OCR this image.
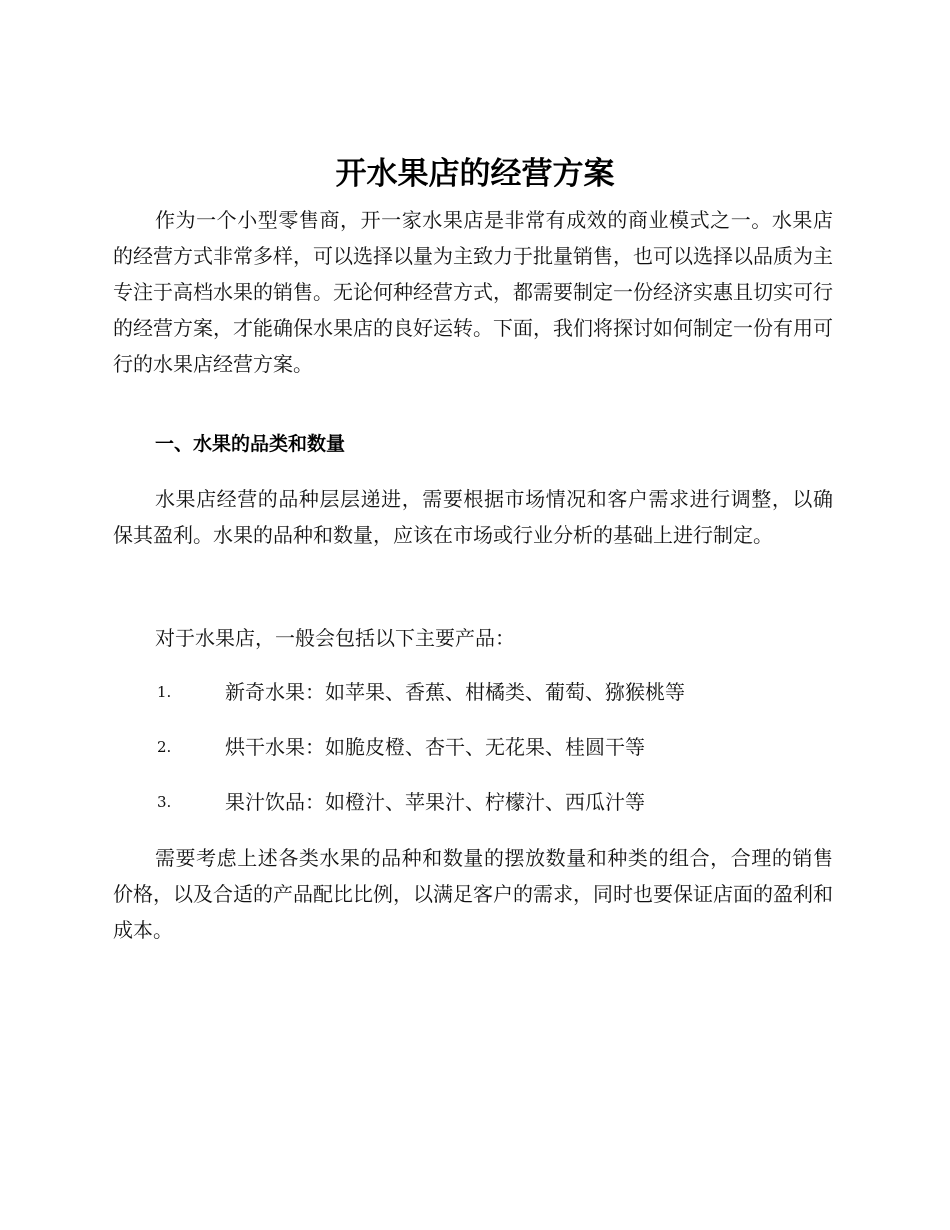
开水果店的经营方案

作为一个小型零售商，开一家水果店是非常有成效的商业模式之一。水果店的经营方式非常多样，可以选择以量为主致力于批量销售，也可以选择以品质为主专注于高档水果的销售。无论何种经营方式，都需要制定一份经济实惠且切实可行的经营方案，才能确保水果店的良好运转。下面，我们将探讨如何制定一份有用可行的水果店经营方案。

一、水果的品类和数量

水果店经营的品种层层递进，需要根据市场情况和客户需求进行调整，以确保其盈利。水果的品种和数量，应该在市场或行业分析的基础上进行制定。

对于水果店，一般会包括以下主要产品：

1.	新奇水果：如苹果、香蕉、柑橘类、葡萄、猕猴桃等
2.	烘干水果：如脆皮橙、杏干、无花果、桂圆干等
3.	果汁饮品：如橙汁、苹果汁、柠檬汁、西瓜汁等

需要考虑上述各类水果的品种和数量的摆放数量和种类的组合，合理的销售价格，以及合适的产品配比比例，以满足客户的需求，同时也要保证店面的盈利和成本。
